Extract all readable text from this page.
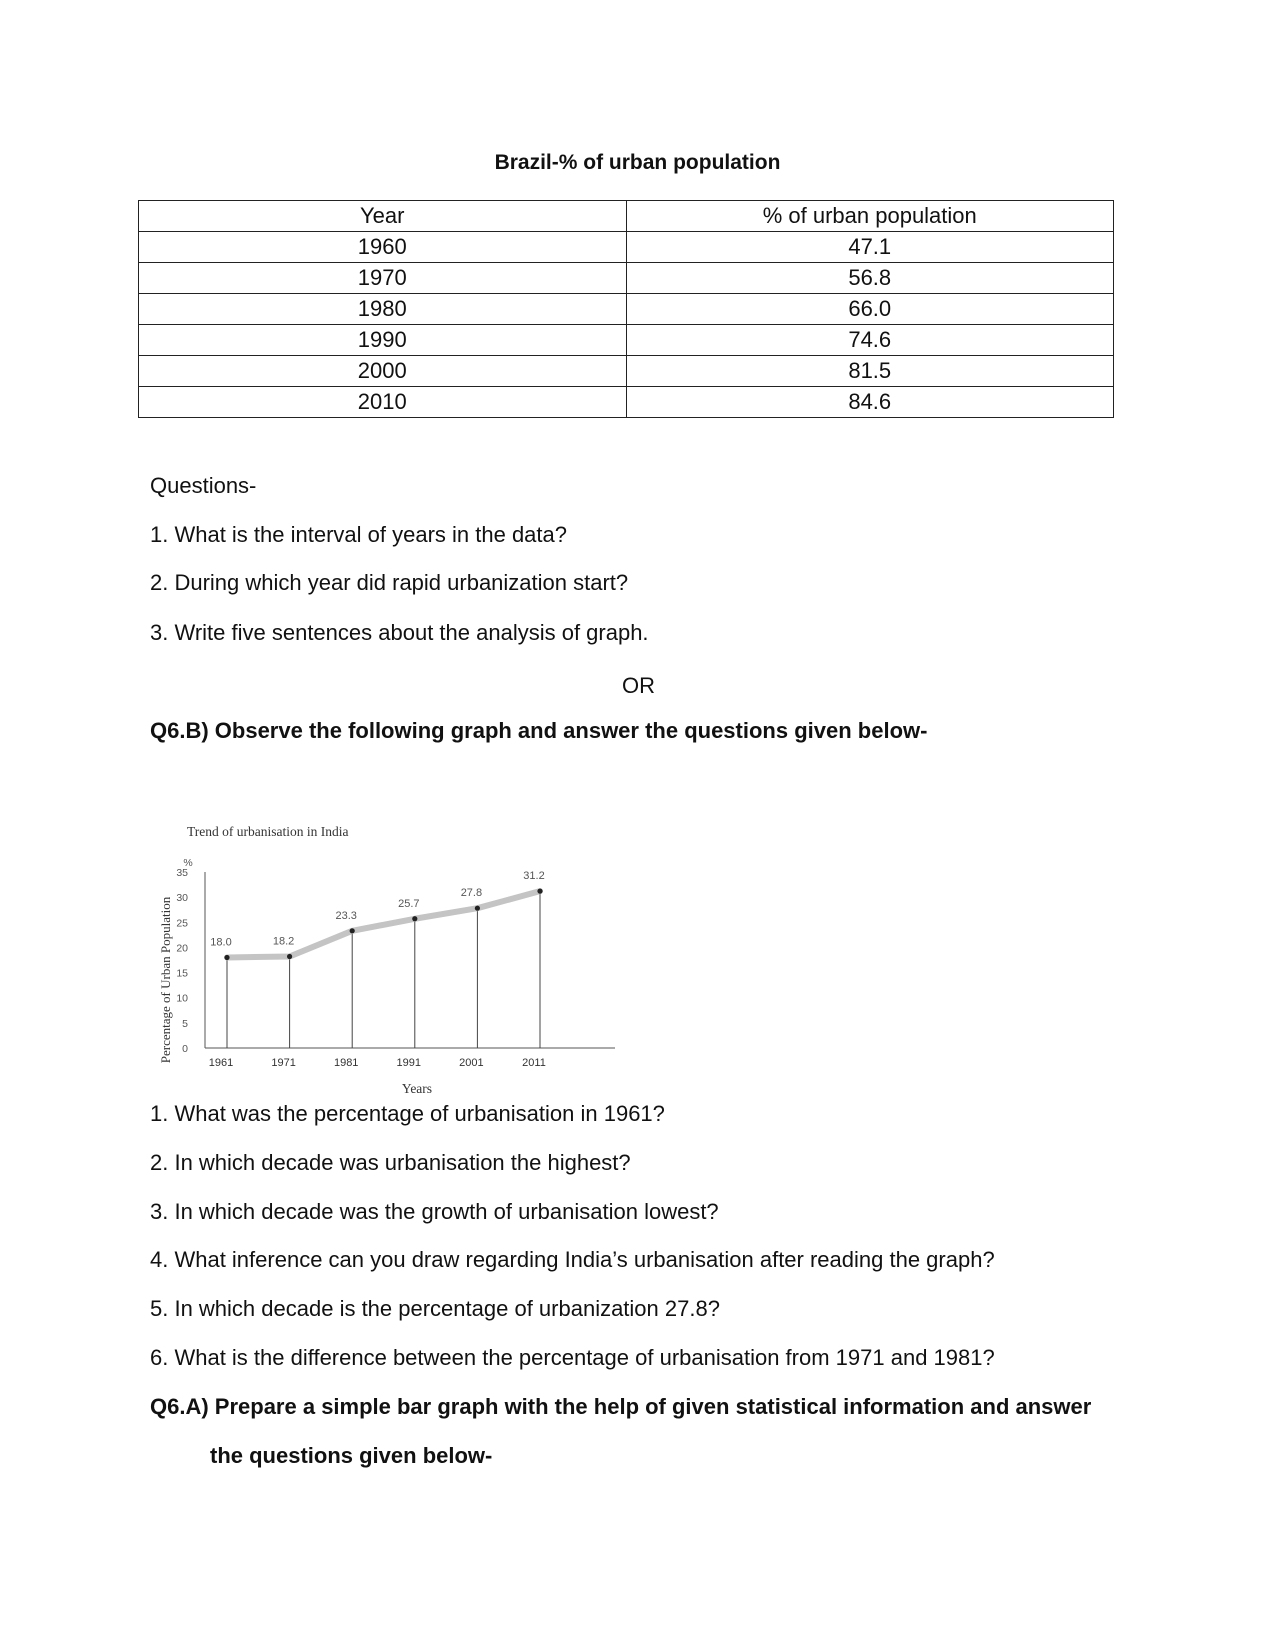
Brazil-% of urban population
Year	% of urban population
1960	47.1
1970	56.8
1980	66.0
1990	74.6
2000	81.5
2010	84.6
Questions-
1. What is the interval of years in the data?
2. During which year did rapid urbanization start?
3. Write five sentences about the analysis of graph.
OR
Q6.B) Observe the following graph and answer the questions given below-
Trend of urbanisation in India
Percentage of Urban Population
%
Years
35
30
25
20
15
10
5
0
18.0	18.2
23.3
25.7
27.8
31.2
1961	1971	1981	1991	2001	2011
1. What was the percentage of urbanisation in 1961?
2. In which decade was urbanisation the highest?
3. In which decade was the growth of urbanisation lowest?
4. What inference can you draw regarding India’s urbanisation after reading the graph?
5. In which decade is the percentage of urbanization 27.8?
6. What is the difference between the percentage of urbanisation from 1971 and 1981?
Q6.A) Prepare a simple bar graph with the help of given statistical information and answer
the questions given below-
